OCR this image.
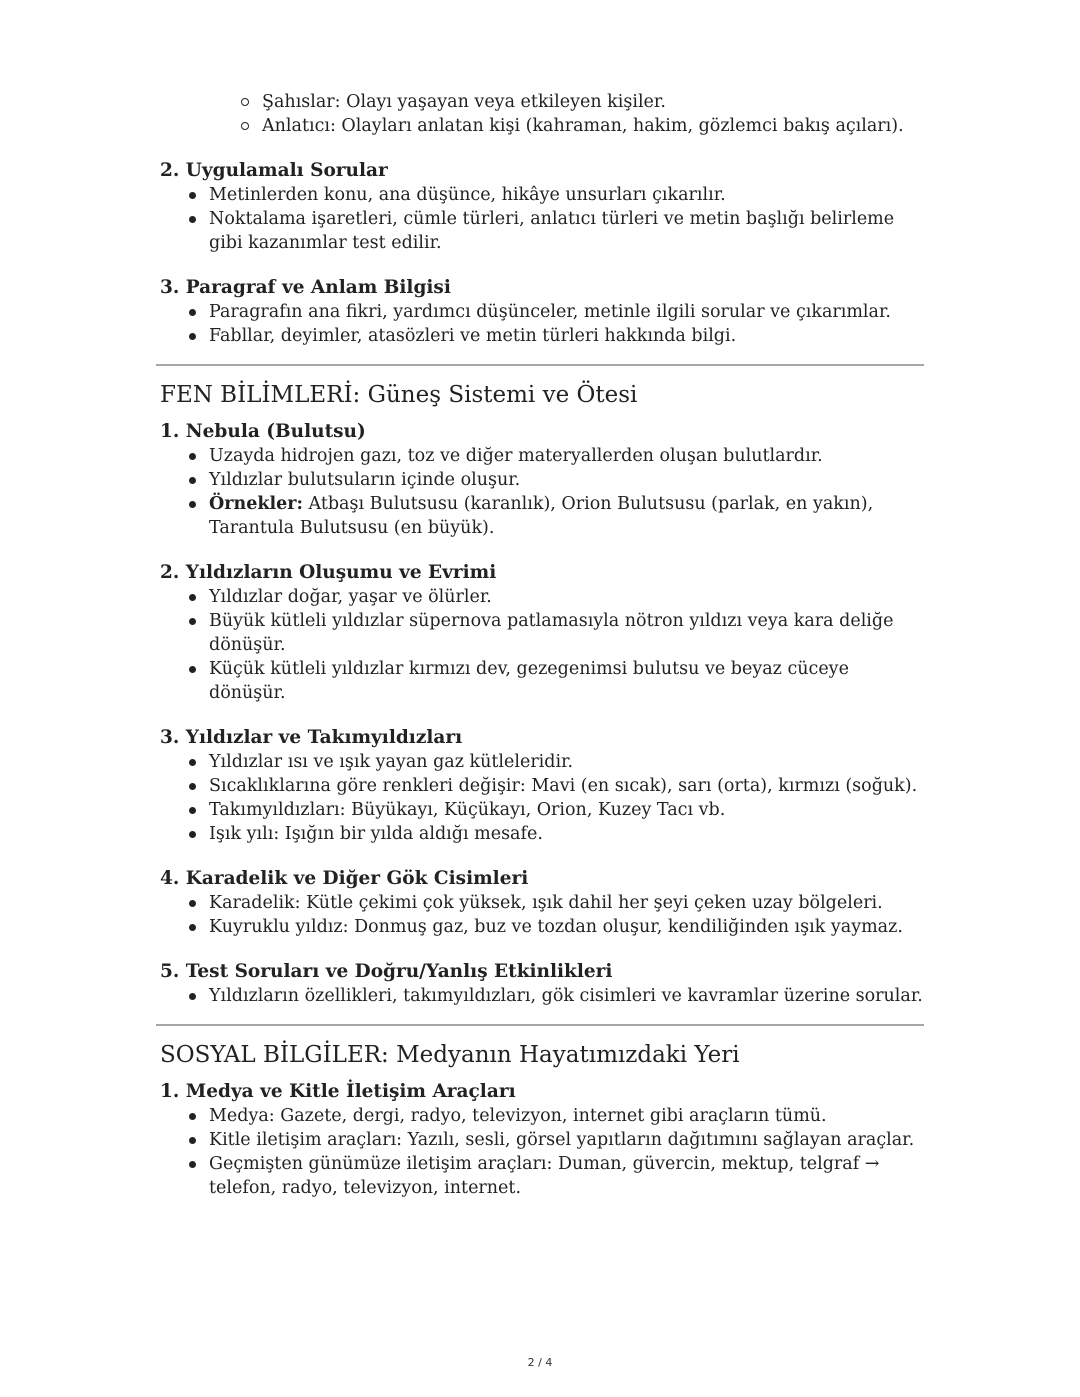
Şahıslar: Olayı yaşayan veya etkileyen kişiler.
Anlatıcı: Olayları anlatan kişi (kahraman, hakim, gözlemci bakış açıları).
2. Uygulamalı Sorular
Metinlerden konu, ana düşünce, hikâye unsurları çıkarılır.
Noktalama işaretleri, cümle türleri, anlatıcı türleri ve metin başlığı belirleme gibi kazanımlar test edilir.
3. Paragraf ve Anlam Bilgisi
Paragrafın ana fikri, yardımcı düşünceler, metinle ilgili sorular ve çıkarımlar.
Fabllar, deyimler, atasözleri ve metin türleri hakkında bilgi.
FEN BİLİMLERİ: Güneş Sistemi ve Ötesi
1. Nebula (Bulutsu)
Uzayda hidrojen gazı, toz ve diğer materyallerden oluşan bulutlardır.
Yıldızlar bulutsuların içinde oluşur.
Örnekler: Atbaşı Bulutsusu (karanlık), Orion Bulutsusu (parlak, en yakın), Tarantula Bulutsusu (en büyük).
2. Yıldızların Oluşumu ve Evrimi
Yıldızlar doğar, yaşar ve ölürler.
Büyük kütleli yıldızlar süpernova patlamasıyla nötron yıldızı veya kara deliğe dönüşür.
Küçük kütleli yıldızlar kırmızı dev, gezegenimsi bulutsu ve beyaz cüceye dönüşür.
3. Yıldızlar ve Takımyıldızları
Yıldızlar ısı ve ışık yayan gaz kütleleridir.
Sıcaklıklarına göre renkleri değişir: Mavi (en sıcak), sarı (orta), kırmızı (soğuk).
Takımyıldızları: Büyükayı, Küçükayı, Orion, Kuzey Tacı vb.
Işık yılı: Işığın bir yılda aldığı mesafe.
4. Karadelik ve Diğer Gök Cisimleri
Karadelik: Kütle çekimi çok yüksek, ışık dahil her şeyi çeken uzay bölgeleri.
Kuyruklu yıldız: Donmuş gaz, buz ve tozdan oluşur, kendiliğinden ışık yaymaz.
5. Test Soruları ve Doğru/Yanlış Etkinlikleri
Yıldızların özellikleri, takımyıldızları, gök cisimleri ve kavramlar üzerine sorular.
SOSYAL BİLGİLER: Medyanın Hayatımızdaki Yeri
1. Medya ve Kitle İletişim Araçları
Medya: Gazete, dergi, radyo, televizyon, internet gibi araçların tümü.
Kitle iletişim araçları: Yazılı, sesli, görsel yapıtların dağıtımını sağlayan araçlar.
Geçmişten günümüze iletişim araçları: Duman, güvercin, mektup, telgraf → telefon, radyo, televizyon, internet.
2 / 4
